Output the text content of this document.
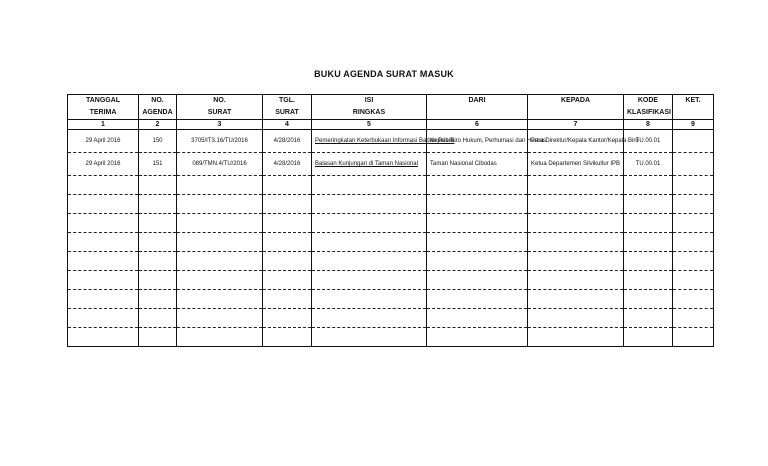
BUKU AGENDA SURAT MASUK
TANGGAL	NO.	NO.	TGL.	ISI	DARI	KEPADA	KODE	KET.
TERIMA	AGENDA	SURAT	SURAT	RINGKAS			KLASIFIKASI	
1	2	3	4	5	6	7	8	9
29 April 2016	150	3705/IT3.16/TU/2016	4/28/2016	Pemeringkatan Keterbukaan Informasi Badan Publik	Kepala Biro Hukum, Perhumasi dan Humas	Para Direktur/Kepala Kantor/Kepala Biro	TU.00.01	
29 April 2016	151	089/TMN.4/TU/2016	4/28/2016	Balasan Kunjungan di Taman Nasional	Taman Nasional Cibodas	Ketua Departemen Silvikultur IPB	TU.00.01	
